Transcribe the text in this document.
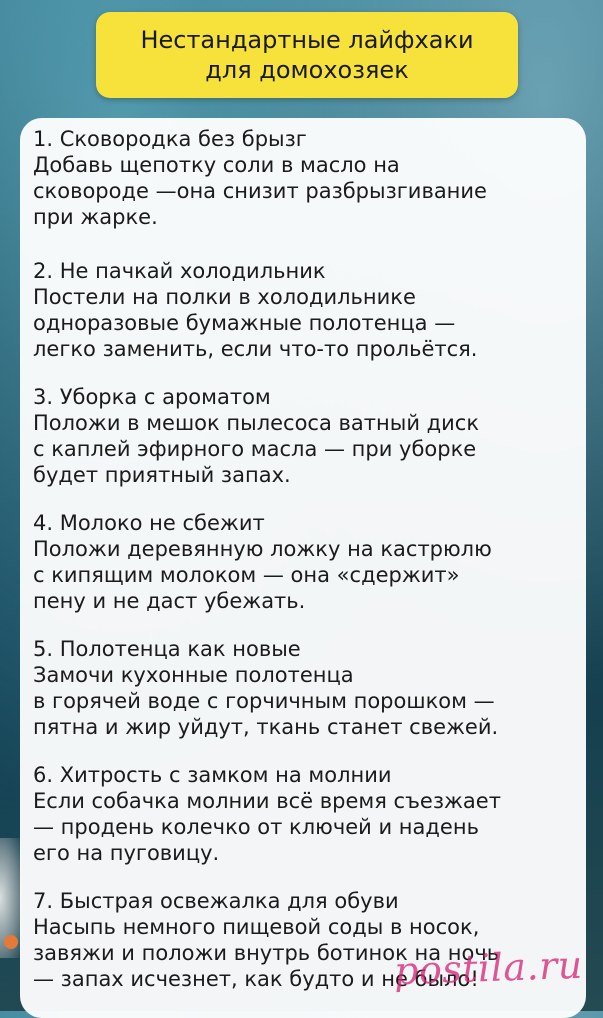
Нестандартные лайфхаки
для домохозяек
1. Сковородка без брызг
Добавь щепотку соли в масло на
сковороде —она снизит разбрызгивание
при жарке.
2. Не пачкай холодильник
Постели на полки в холодильнике
одноразовые бумажные полотенца —
легко заменить, если что-то прольётся.
3. Уборка с ароматом
Положи в мешок пылесоса ватный диск
с каплей эфирного масла — при уборке
будет приятный запах.
4. Молоко не сбежит
Положи деревянную ложку на кастрюлю
с кипящим молоком — она «сдержит»
пену и не даст убежать.
5. Полотенца как новые
Замочи кухонные полотенца
в горячей воде с горчичным порошком —
пятна и жир уйдут, ткань станет свежей.
6. Хитрость с замком на молнии
Если собачка молнии всё время съезжает
— продень колечко от ключей и надень
его на пуговицу.
7. Быстрая освежалка для обуви
Насыпь немного пищевой соды в носок,
завяжи и положи внутрь ботинок на ночь
— запах исчезнет, как будто и не было!
postila.ru
